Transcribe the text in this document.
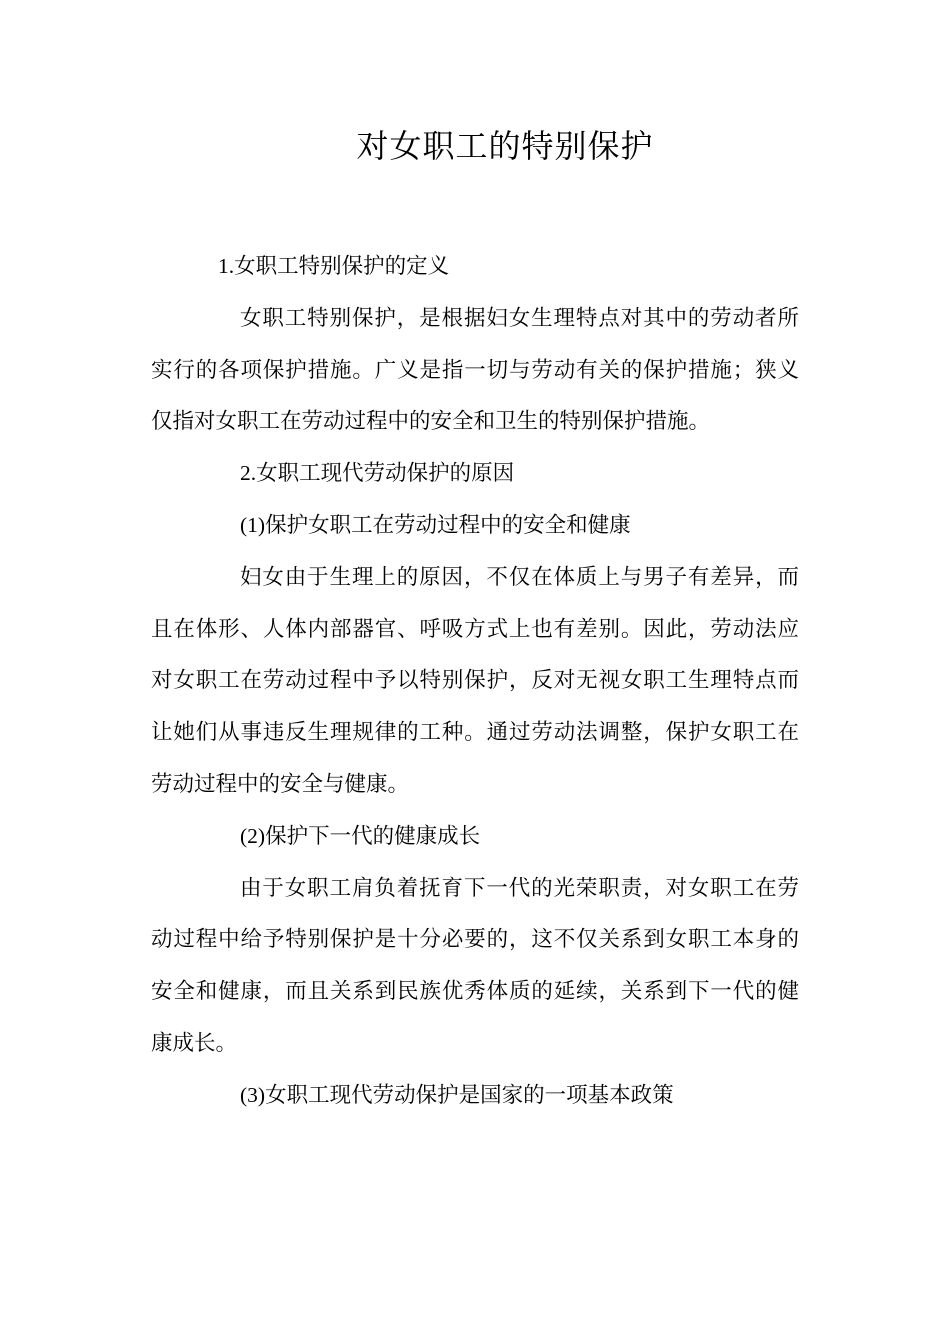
对女职工的特别保护
1.女职工特别保护的定义
女职工特别保护，是根据妇女生理特点对其中的劳动者所
实行的各项保护措施。广义是指一切与劳动有关的保护措施；狭义
仅指对女职工在劳动过程中的安全和卫生的特别保护措施。
2.女职工现代劳动保护的原因
(1)保护女职工在劳动过程中的安全和健康
妇女由于生理上的原因，不仅在体质上与男子有差异，而
且在体形、人体内部器官、呼吸方式上也有差别。因此，劳动法应
对女职工在劳动过程中予以特别保护，反对无视女职工生理特点而
让她们从事违反生理规律的工种。通过劳动法调整，保护女职工在
劳动过程中的安全与健康。
(2)保护下一代的健康成长
由于女职工肩负着抚育下一代的光荣职责，对女职工在劳
动过程中给予特别保护是十分必要的，这不仅关系到女职工本身的
安全和健康，而且关系到民族优秀体质的延续，关系到下一代的健
康成长。
(3)女职工现代劳动保护是国家的一项基本政策
